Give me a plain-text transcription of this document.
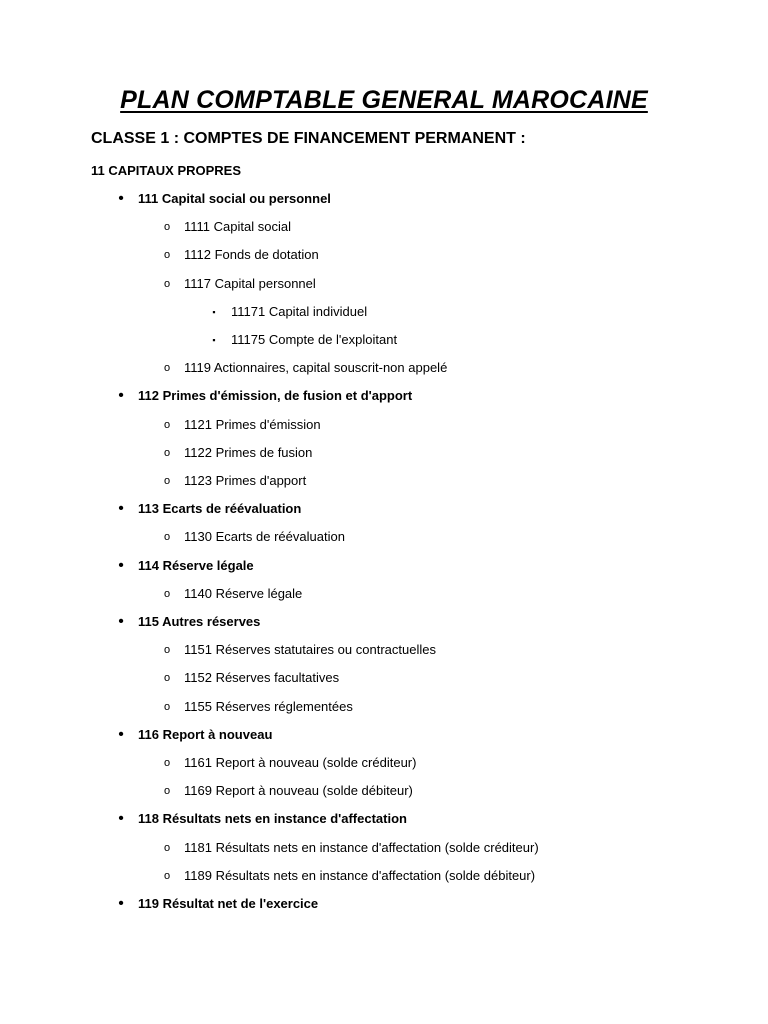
PLAN COMPTABLE GENERAL MAROCAINE
CLASSE 1 : COMPTES DE FINANCEMENT PERMANENT :
11 CAPITAUX PROPRES
•	111 Capital social ou personnel
o	1111 Capital social
o	1112 Fonds de dotation
o	1117 Capital personnel
▪	11171 Capital individuel
▪	11175 Compte de l'exploitant
o	1119 Actionnaires, capital souscrit-non appelé
•	112 Primes d'émission, de fusion et d'apport
o	1121 Primes d'émission
o	1122 Primes de fusion
o	1123 Primes d'apport
•	113 Ecarts de réévaluation
o	1130 Ecarts de réévaluation
•	114 Réserve légale
o	1140 Réserve légale
•	115 Autres réserves
o	1151 Réserves statutaires ou contractuelles
o	1152 Réserves facultatives
o	1155 Réserves réglementées
•	116 Report à nouveau
o	1161 Report à nouveau (solde créditeur)
o	1169 Report à nouveau (solde débiteur)
•	118 Résultats nets en instance d'affectation
o	1181 Résultats nets en instance d'affectation (solde créditeur)
o	1189 Résultats nets en instance d'affectation (solde débiteur)
•	119 Résultat net de l'exercice
